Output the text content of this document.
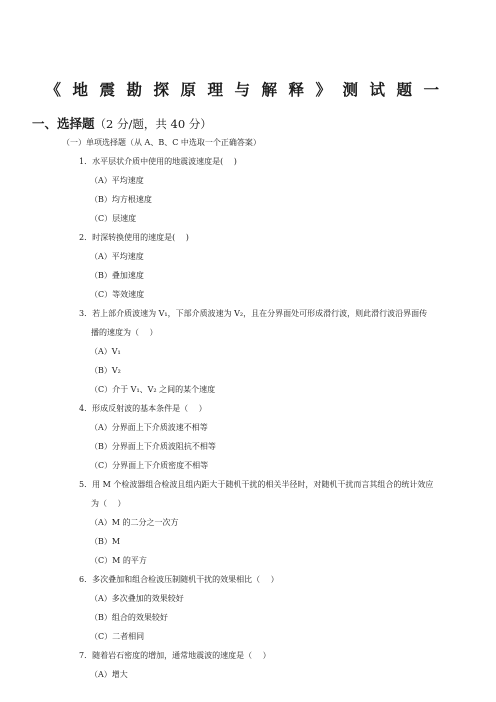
《地震勘探原理与解释》测试题一
一、选择题（2 分/题，共 40 分）
（一）单项选择题（从 A、B、C 中选取一个正确答案）
1．水平层状介质中使用的地震波速度是(　 )
（A）平均速度
（B）均方根速度
（C）层速度
2．时深转换使用的速度是(　 )
（A）平均速度
（B）叠加速度
（C）等效速度
3．若上部介质波速为 V₁，下部介质波速为 V₂，且在分界面处可形成滑行波，则此滑行波沿界面传
播的速度为（　 ）
（A）V₁
（B）V₂
（C）介于 V₁、V₂ 之间的某个速度
4．形成反射波的基本条件是（　 ）
（A）分界面上下介质波速不相等
（B）分界面上下介质波阻抗不相等
（C）分界面上下介质密度不相等
5．用 M 个检波器组合检波且组内距大于随机干扰的相关半径时，对随机干扰而言其组合的统计效应
为（　 ）
（A）M 的二分之一次方
（B）M
（C）M 的平方
6．多次叠加和组合检波压制随机干扰的效果相比（　 ）
（A）多次叠加的效果较好
（B）组合的效果较好
（C）二者相同
7．随着岩石密度的增加，通常地震波的速度是（　 ）
（A）增大
